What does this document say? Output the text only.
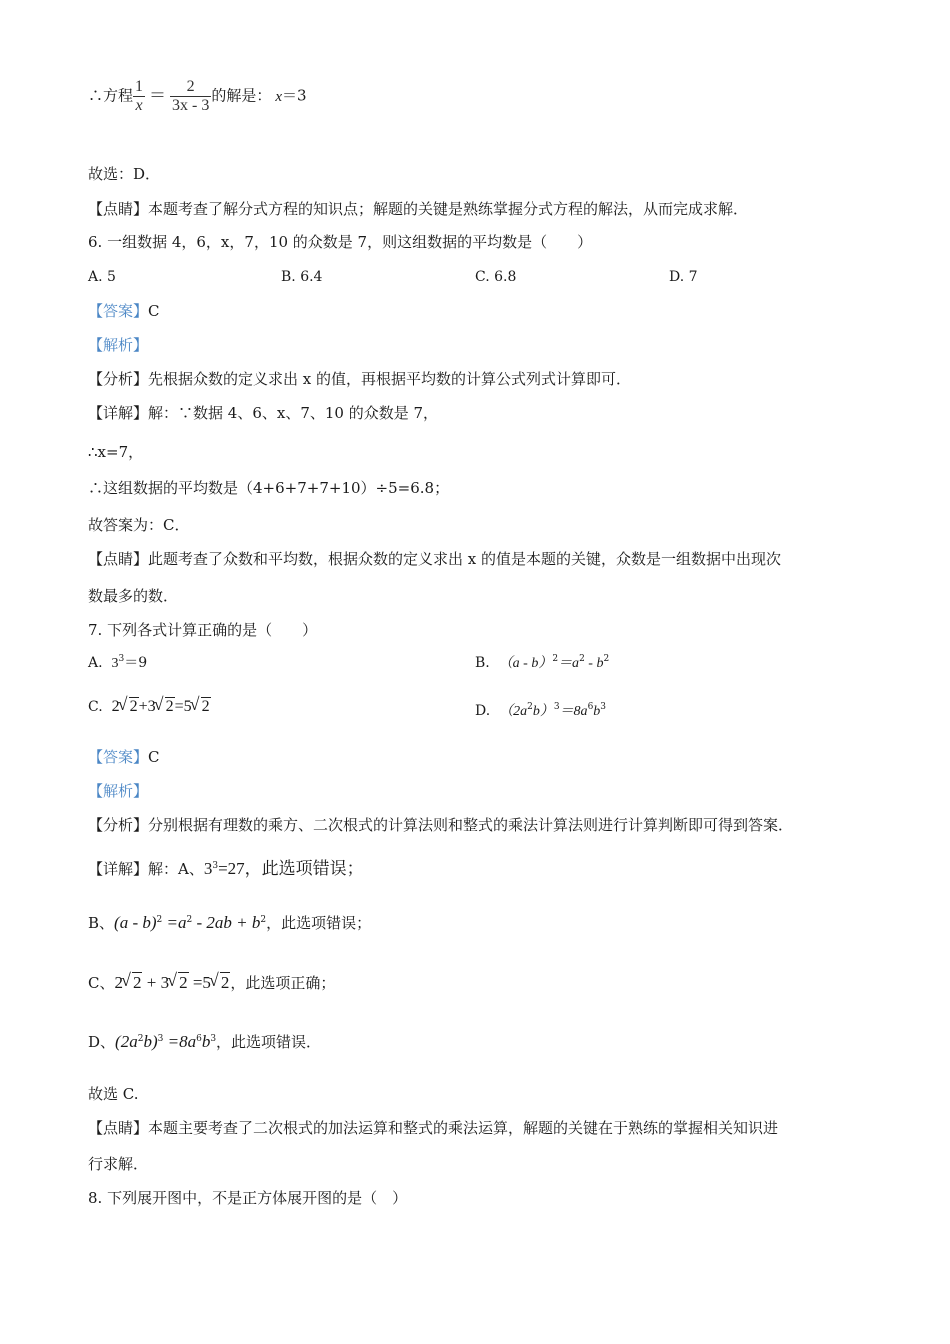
∴方程 $\frac{1}{x} = \frac{2}{3x - 3}$ 的解是： x＝3
故选：D．
【点睛】本题考查了解分式方程的知识点；解题的关键是熟练掌握分式方程的解法，从而完成求解．
6. 一组数据 4，6，x，7，10 的众数是 7，则这组数据的平均数是（　　）
A. 5	B. 6.4	C. 6.8	D. 7
【答案】C
【解析】
【分析】先根据众数的定义求出 x 的值，再根据平均数的计算公式列式计算即可．
【详解】解：∵数据 4、6、x、7、10 的众数是 7，
∴x=7，
∴这组数据的平均数是（4+6+7+7+10）÷5=6.8；
故答案为：C．
【点睛】此题考查了众数和平均数，根据众数的定义求出 x 的值是本题的关键，众数是一组数据中出现次
数最多的数．
7. 下列各式计算正确的是（　　）
A. $3^3=9$	B. $(a - b)^2=a^2 - b^2$
C. 2 √ 2+3 √ 2=5 √ 2	D. $(2a^2b)^3=8a^6b^3$
【答案】C
【解析】
【分析】分别根据有理数的乘方、二次根式的计算法则和整式的乘法计算法则进行计算判断即可得到答案．
【详解】解：A、$3^3=27$，此选项错误；
B、$(a - b)^2 =a^2 - 2ab + b^2$，此选项错误；
C、2 √ 2 + 3 √ 2 =5 √ 2，此选项正确；
D、$(2a^2b)^3 =8a^6b^3$，此选项错误．
故选 C.
【点睛】本题主要考查了二次根式的加法运算和整式的乘法运算，解题的关键在于熟练的掌握相关知识进
行求解．
8. 下列展开图中，不是正方体展开图的是（　）
